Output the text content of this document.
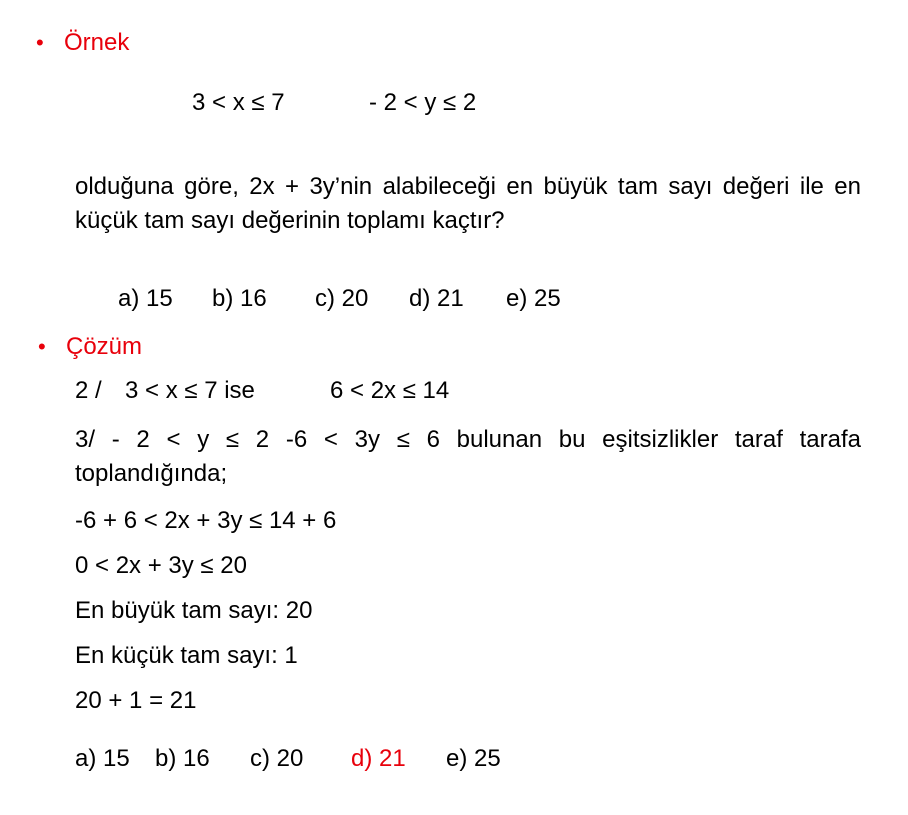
• Örnek
3 < x ≤ 7	- 2 < y ≤ 2
olduğuna göre, 2x + 3y’nin alabileceği en büyük tam sayı değeri ile en küçük tam sayı değerinin toplamı kaçtır?
a) 15 b) 16 c) 20 d) 21 e) 25
• Çözüm
2 / 3 < x ≤ 7 ise	6 < 2x ≤ 14
3/ - 2 < y ≤ 2 -6 < 3y ≤ 6 bulunan bu eşitsizlikler taraf tarafa toplandığında;
-6 + 6 < 2x + 3y ≤ 14 + 6
0 < 2x + 3y ≤ 20
En büyük tam sayı: 20
En küçük tam sayı: 1
20 + 1 = 21
a) 15 b) 16 c) 20 d) 21 e) 25
